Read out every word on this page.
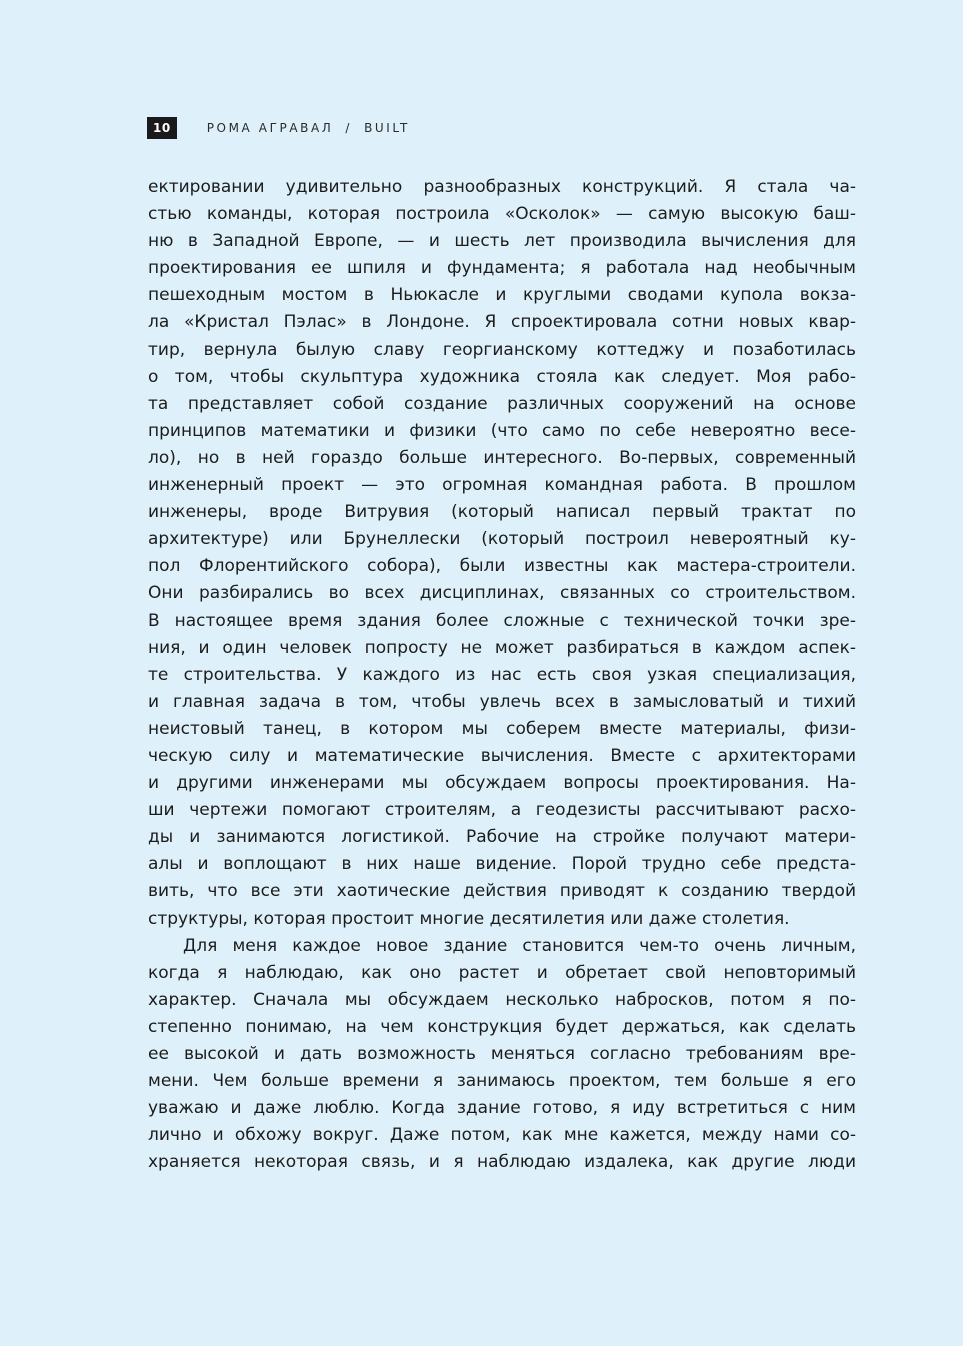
10	РОМА АГРАВАЛ / BUILT
ектировании удивительно разнообразных конструкций. Я стала ча-
стью команды, которая построила «Осколок» — самую высокую баш-
ню в Западной Европе, — и шесть лет производила вычисления для
проектирования ее шпиля и фундамента; я работала над необычным
пешеходным мостом в Ньюкасле и круглыми сводами купола вокза-
ла «Кристал Пэлас» в Лондоне. Я спроектировала сотни новых квар-
тир, вернула былую славу георгианскому коттеджу и позаботилась
о том, чтобы скульптура художника стояла как следует. Моя рабо-
та представляет собой создание различных сооружений на основе
принципов математики и физики (что само по себе невероятно весе-
ло), но в ней гораздо больше интересного. Во-первых, современный
инженерный проект — это огромная командная работа. В прошлом
инженеры, вроде Витрувия (который написал первый трактат по
архитектуре) или Брунеллески (который построил невероятный ку-
пол Флорентийского собора), были известны как мастера-строители.
Они разбирались во всех дисциплинах, связанных со строительством.
В настоящее время здания более сложные с технической точки зре-
ния, и один человек попросту не может разбираться в каждом аспек-
те строительства. У каждого из нас есть своя узкая специализация,
и главная задача в том, чтобы увлечь всех в замысловатый и тихий
неистовый танец, в котором мы соберем вместе материалы, физи-
ческую силу и математические вычисления. Вместе с архитекторами
и другими инженерами мы обсуждаем вопросы проектирования. На-
ши чертежи помогают строителям, а геодезисты рассчитывают расхо-
ды и занимаются логистикой. Рабочие на стройке получают матери-
алы и воплощают в них наше видение. Порой трудно себе предста-
вить, что все эти хаотические действия приводят к созданию твердой
структуры, которая простоит многие десятилетия или даже столетия.
Для меня каждое новое здание становится чем-то очень личным,
когда я наблюдаю, как оно растет и обретает свой неповторимый
характер. Сначала мы обсуждаем несколько набросков, потом я по-
степенно понимаю, на чем конструкция будет держаться, как сделать
ее высокой и дать возможность меняться согласно требованиям вре-
мени. Чем больше времени я занимаюсь проектом, тем больше я его
уважаю и даже люблю. Когда здание готово, я иду встретиться с ним
лично и обхожу вокруг. Даже потом, как мне кажется, между нами со-
храняется некоторая связь, и я наблюдаю издалека, как другие люди
